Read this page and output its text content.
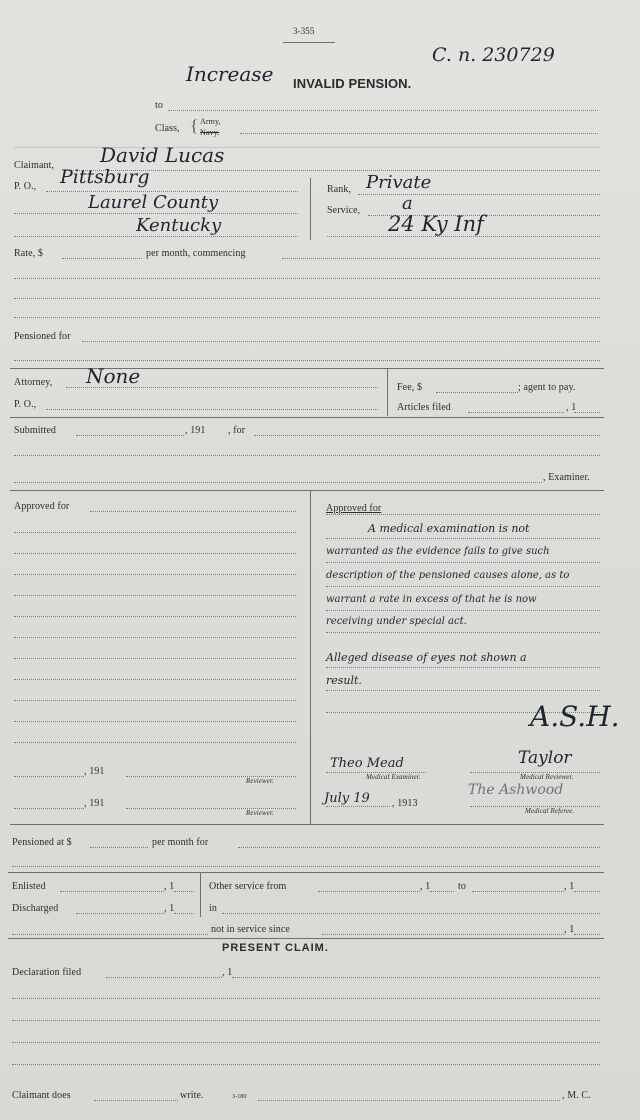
3-355
C. n. 230729
Increase INVALID PENSION.
to
Class, { Army,
Navy.
Claimant, David Lucas
P. O., Pittsburg
Laurel County
Kentucky
Rank, Private
Service, a
24 Ky Inf
Rate, $	per month, commencing
Pensioned for
Attorney, None
P. O.,
Fee, $	; agent to pay.
Articles filed	, 1
Submitted	, 191 , for
, Examiner.
Approved for
, 191
Reviewer.
, 191
Reviewer.
Approved for
A medical examination is not
warranted as the evidence fails to give such
description of the pensioned causes alone, as to
warrant a rate in excess of that he is now
receiving under special act.
Alleged disease of eyes not shown a
result.
A.S.H.
Theo Mead
Medical Examiner.
Taylor
Medical Reviewer.
July 19 , 1913
The Ashwood
Medical Referee.
Pensioned at $	per month for
Enlisted	, 1
Discharged	, 1
Other service from	, 1	to	, 1
in
not in service since	, 1
PRESENT CLAIM.
Declaration filed	, 1
Claimant does	write.	3-180	, M. C.
